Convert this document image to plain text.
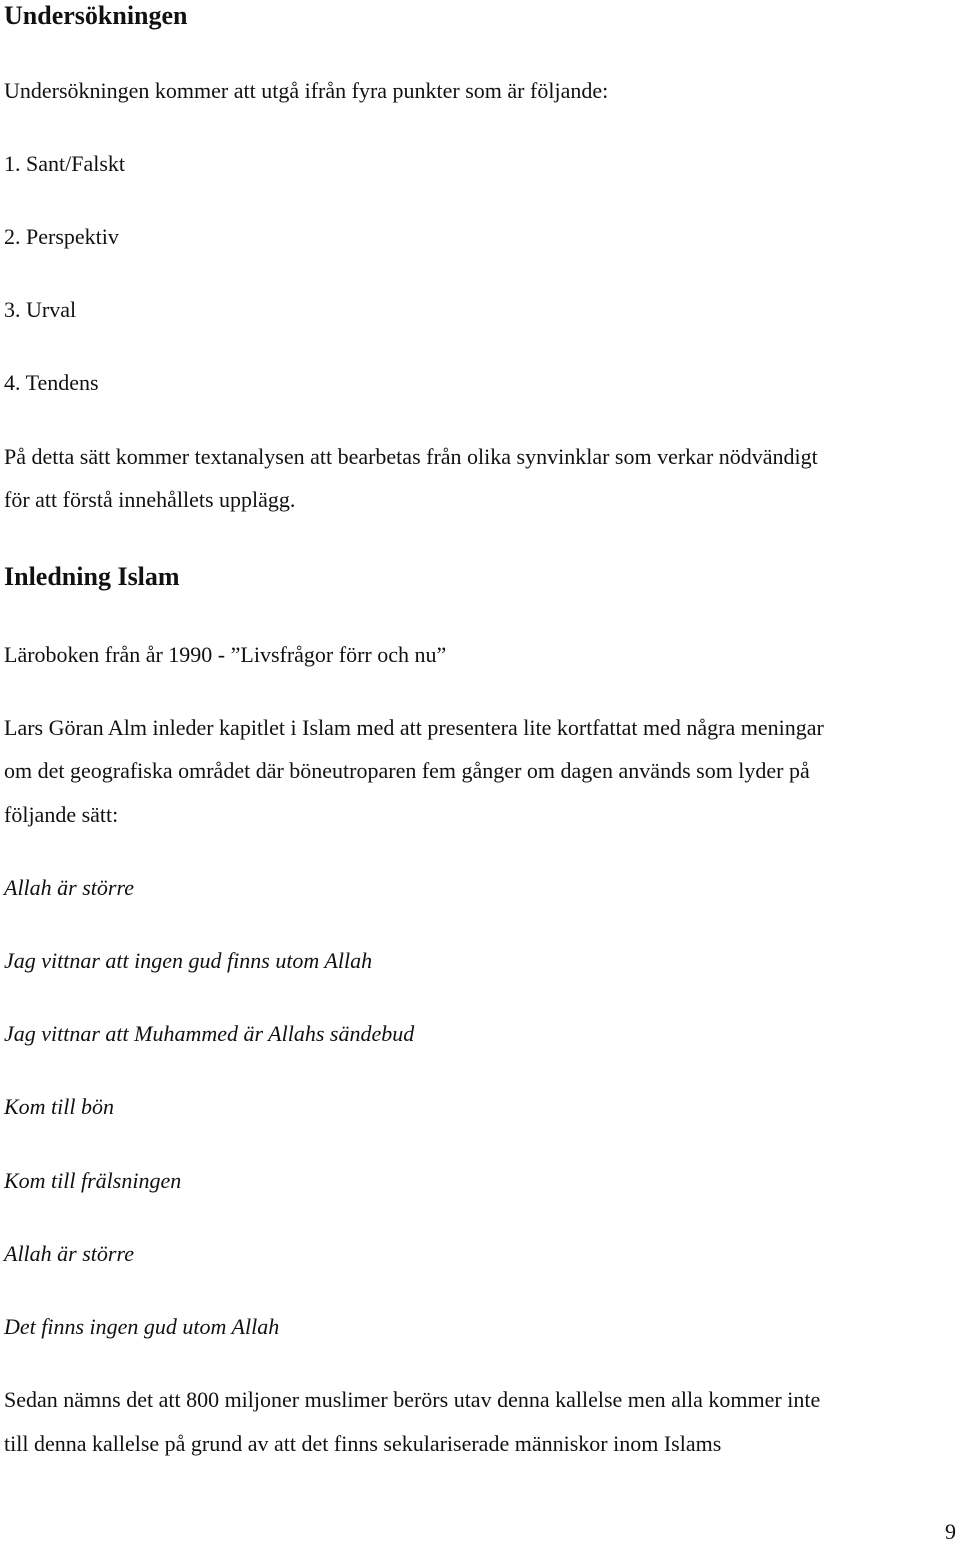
Undersökningen

Undersökningen kommer att utgå ifrån fyra punkter som är följande:

1. Sant/Falskt

2. Perspektiv

3. Urval

4. Tendens

På detta sätt kommer textanalysen att bearbetas från olika synvinklar som verkar nödvändigt

för att förstå innehållets upplägg.

Inledning Islam

Läroboken från år 1990 - ”Livsfrågor förr och nu”

Lars Göran Alm inleder kapitlet i Islam med att presentera lite kortfattat med några meningar

om det geografiska området där böneutroparen fem gånger om dagen används som lyder på

följande sätt:

Allah är större

Jag vittnar att ingen gud finns utom Allah

Jag vittnar att Muhammed är Allahs sändebud

Kom till bön

Kom till frälsningen

Allah är större

Det finns ingen gud utom Allah

Sedan nämns det att 800 miljoner muslimer berörs utav denna kallelse men alla kommer inte

till denna kallelse på grund av att det finns sekulariserade människor inom Islams

9
